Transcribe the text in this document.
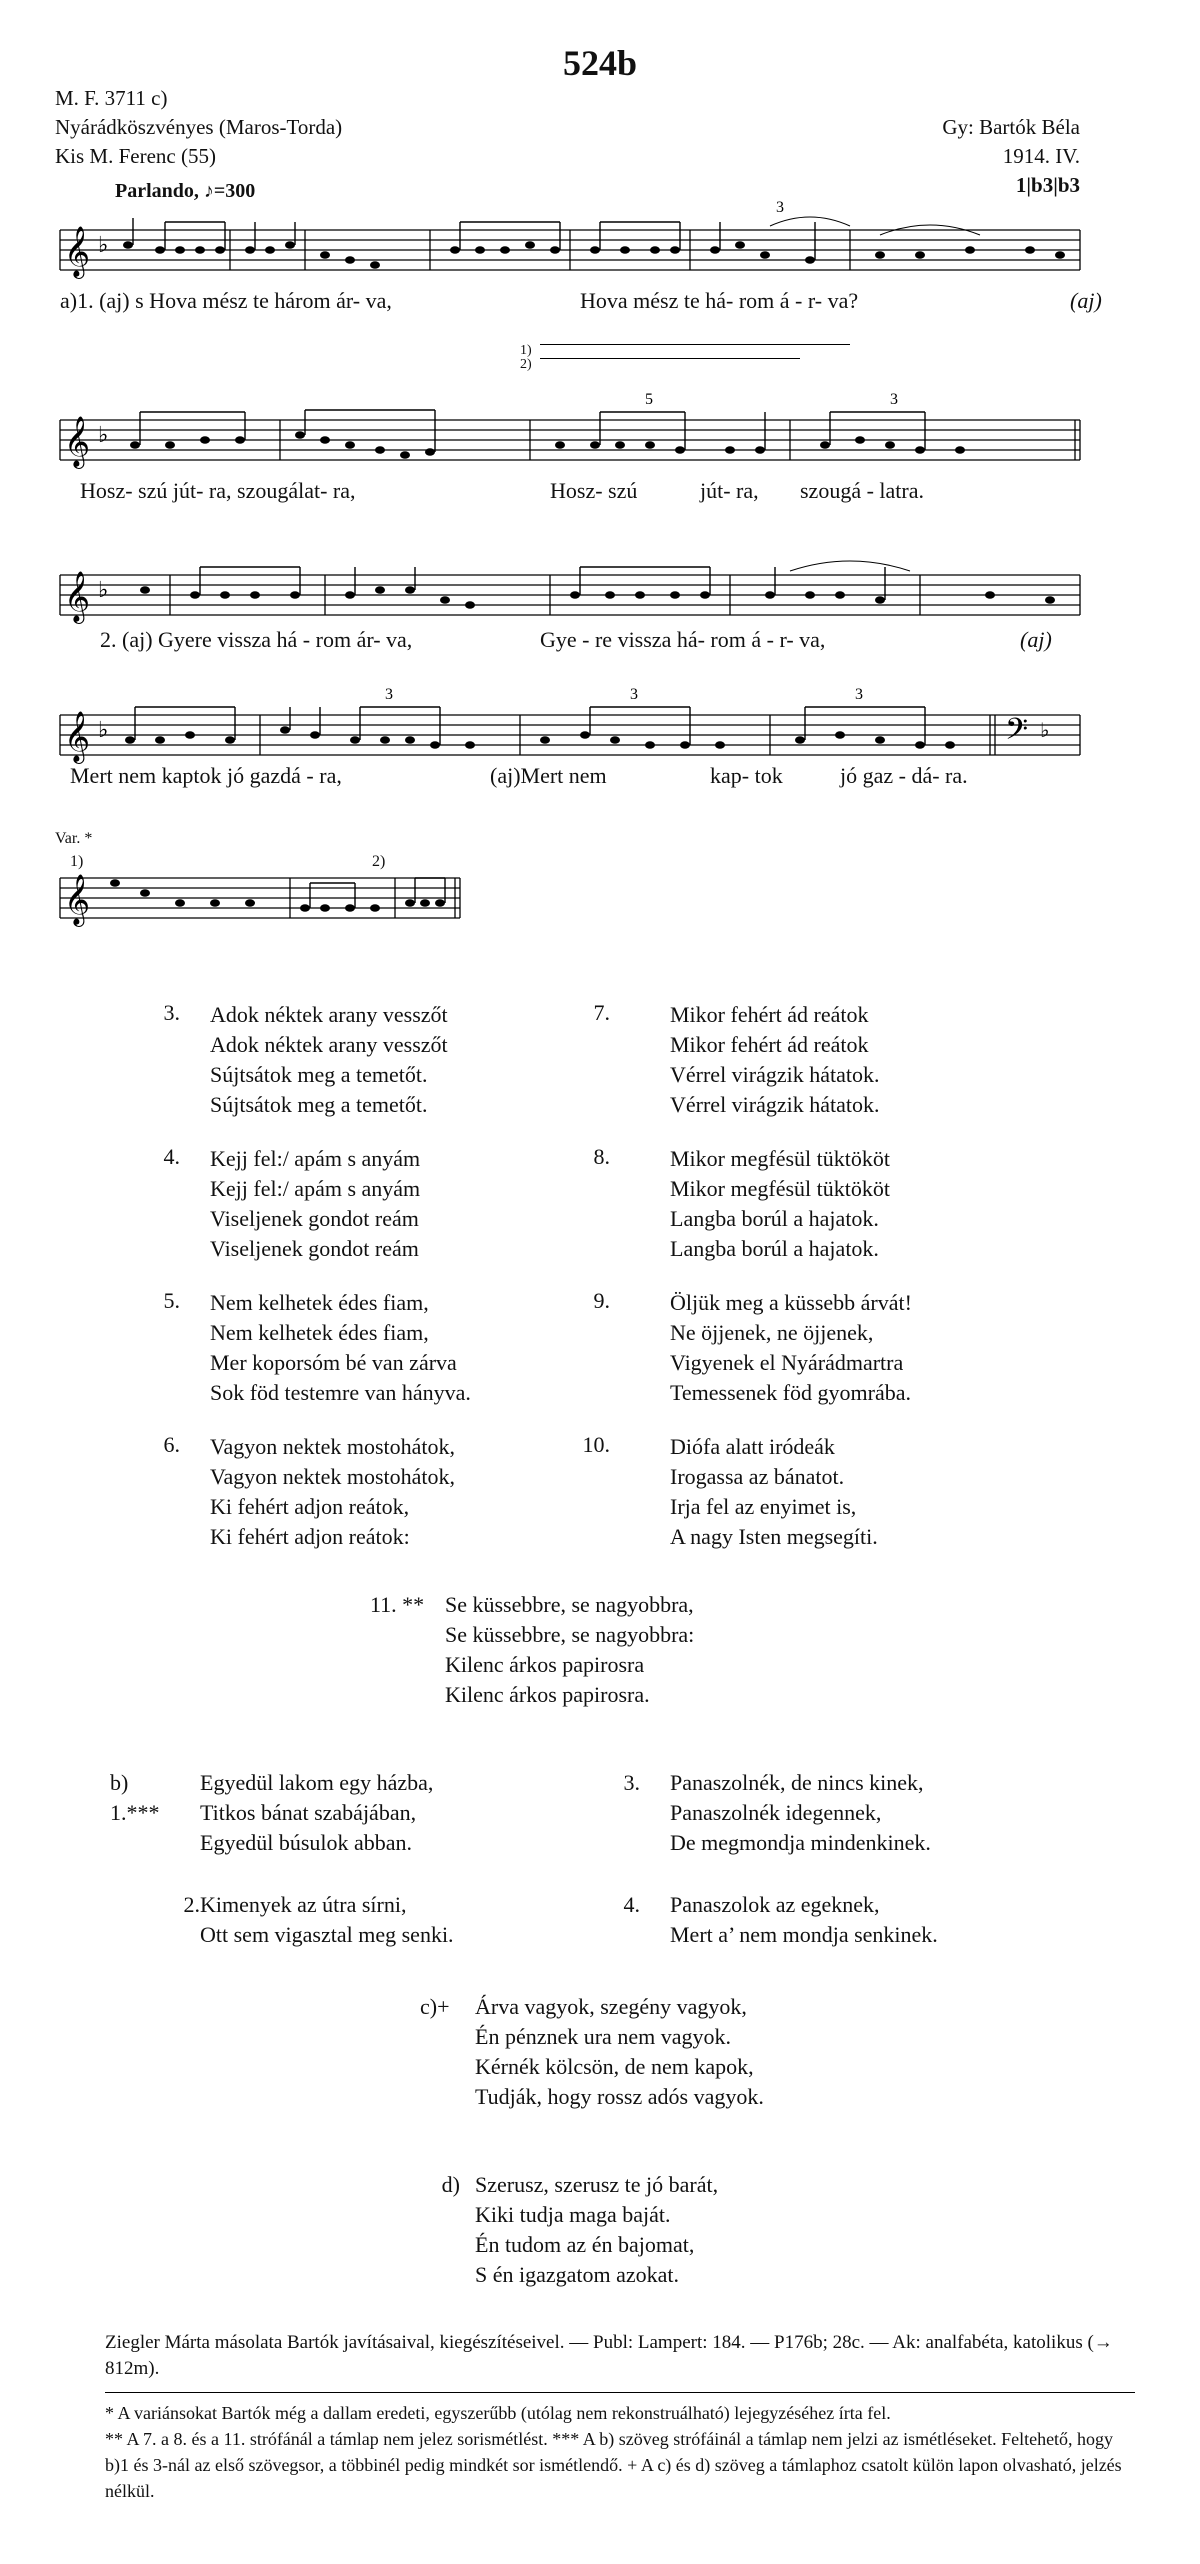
524b
M. F. 3711 c)
Nyárádköszvényes (Maros-Torda)
Kis M. Ferenc (55)
Gy: Bartók Béla
1914. IV.
1|b3|b3
Parlando, ♪=300
𝄞 ♭
3
a)1. (aj) s Hova mész te három ár- va,	Hova mész te há- rom á - r- va?	(aj)
1)
2)
𝄞 ♭
5	3
Hosz- szú jút- ra, szougálat- ra,	Hosz- szú	jút- ra, szougá - latra.
𝄞 ♭
2. (aj) Gyere vissza há - rom ár- va,	Gye - re vissza há- rom á - r- va,	(aj)
𝄞 ♭	𝄢 ♭
3	3	3
Mert nem kaptok jó gazdá - ra,	(aj)Mert nem	kap- tok	jó gaz - dá- ra.
Var. *
1)	2)
𝄞
3. Adok néktek arany vesszőt
Adok néktek arany vesszőt
Sújtsátok meg a temetőt.
Sújtsátok meg a temetőt.
4. Kejj fel:/ apám s anyám
Kejj fel:/ apám s anyám
Viseljenek gondot reám
Viseljenek gondot reám
5. Nem kelhetek édes fiam,
Nem kelhetek édes fiam,
Mer koporsóm bé van zárva
Sok föd testemre van hányva.
6. Vagyon nektek mostohátok,
Vagyon nektek mostohátok,
Ki fehért adjon reátok,
Ki fehért adjon reátok:
7.	Mikor fehért ád reátok
Mikor fehért ád reátok
Vérrel virágzik hátatok.
Vérrel virágzik hátatok.
8.	Mikor megfésül tüktököt
Mikor megfésül tüktököt
Langba borúl a hajatok.
Langba borúl a hajatok.
9.	Öljük meg a küssebb árvát!
Ne öjjenek, ne öjjenek,
Vigyenek el Nyárádmartra
Temessenek föd gyomrába.
10.	Diófa alatt iródeák
Irogassa az bánatot.
Irja fel az enyimet is,
A nagy Isten megsegíti.
11. ** Se küssebbre, se nagyobbra,
Se küssebbre, se nagyobbra:
Kilenc árkos papirosra
Kilenc árkos papirosra.
b) 1.***
Egyedül lakom egy házba,
Titkos bánat szabájában,
Egyedül búsulok abban.
2. Kimenyek az útra sírni,
Ott sem vigasztal meg senki.
3. Panaszolnék, de nincs kinek,
Panaszolnék idegennek,
De megmondja mindenkinek.
4. Panaszolok az egeknek,
Mert a’ nem mondja senkinek.
c)+ Árva vagyok, szegény vagyok,
Én pénznek ura nem vagyok.
Kérnék kölcsön, de nem kapok,
Tudják, hogy rossz adós vagyok.
d) Szerusz, szerusz te jó barát,
Kiki tudja maga baját.
Én tudom az én bajomat,
S én igazgatom azokat.
Ziegler Márta másolata Bartók javításaival, kiegészítéseivel. — Publ: Lampert: 184. — P176b; 28c. — Ak: analfabéta, katolikus (→ 812m).
* A variánsokat Bartók még a dallam eredeti, egyszerűbb (utólag nem rekonstruálható) lejegyzéséhez írta fel.
** A 7. a 8. és a 11. strófánál a támlap nem jelez sorismétlést. *** A b) szöveg strófáinál a támlap nem jelzi az ismétléseket. Feltehető, hogy b)1 és 3-nál az első szövegsor, a többinél pedig mindkét sor ismétlendő. + A c) és d) szöveg a támlaphoz csatolt külön lapon olvasható, jelzés nélkül.
